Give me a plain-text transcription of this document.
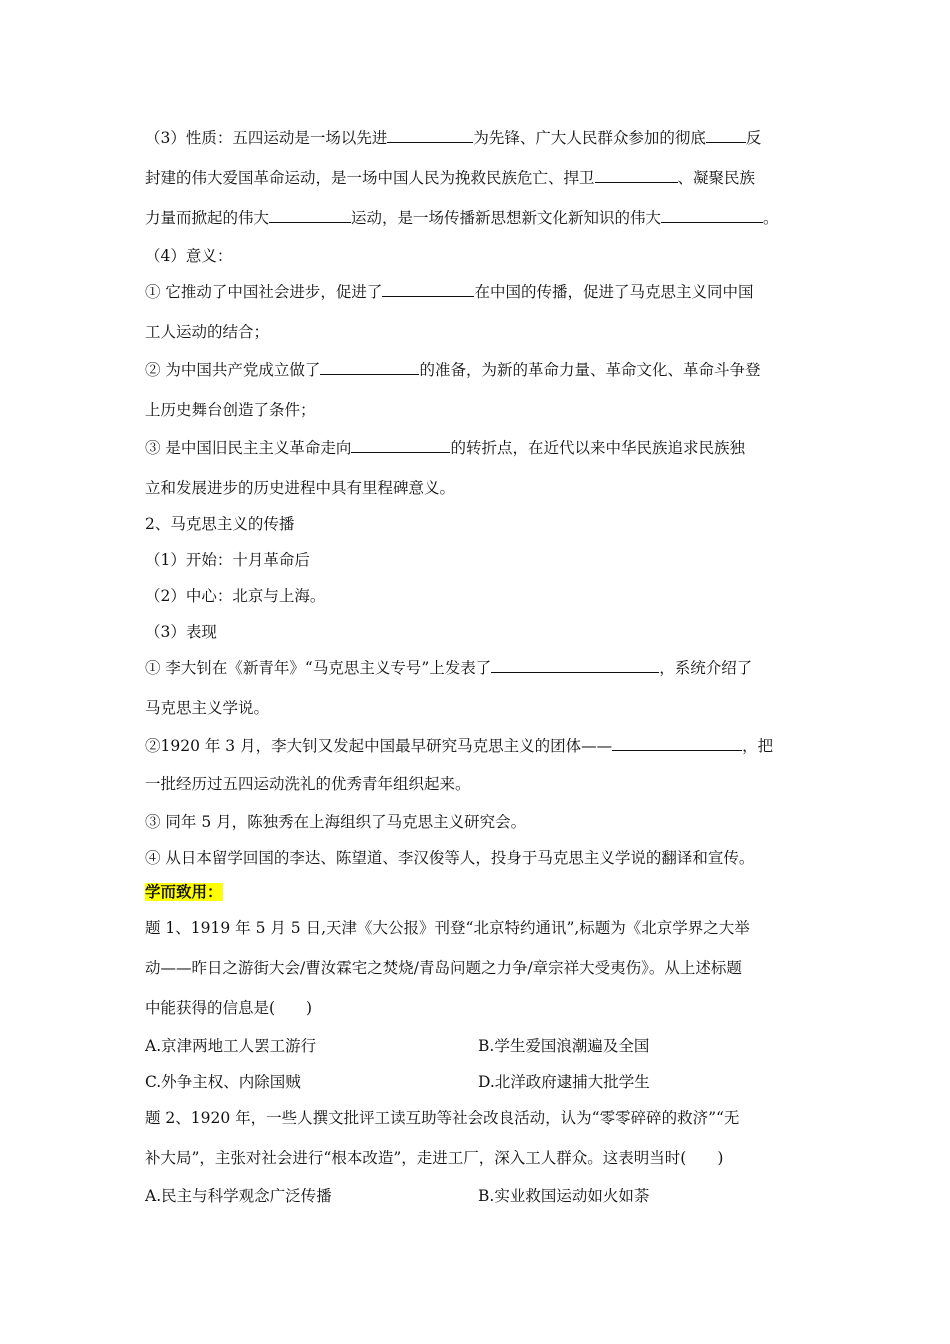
（3）性质：五四运动是一场以先进	为先锋、广大人民群众参加的彻底	反
封建的伟大爱国革命运动，是一场中国人民为挽救民族危亡、捍卫	、凝聚民族
力量而掀起的伟大	运动，是一场传播新思想新文化新知识的伟大	。
（4）意义：
① 它推动了中国社会进步，促进了	在中国的传播，促进了马克思主义同中国
工人运动的结合；
② 为中国共产党成立做了	的准备，为新的革命力量、革命文化、革命斗争登
上历史舞台创造了条件；
③ 是中国旧民主主义革命走向	的转折点，在近代以来中华民族追求民族独
立和发展进步的历史进程中具有里程碑意义。
2、马克思主义的传播
（1）开始：十月革命后
（2）中心：北京与上海。
（3）表现
① 李大钊在《新青年》“马克思主义专号”上发表了	，系统介绍了
马克思主义学说。
②1920 年 3 月，李大钊又发起中国最早研究马克思主义的团体——	，把
一批经历过五四运动洗礼的优秀青年组织起来。
③ 同年 5 月，陈独秀在上海组织了马克思主义研究会。
④ 从日本留学回国的李达、陈望道、李汉俊等人，投身于马克思主义学说的翻译和宣传。
学而致用：
题 1、1919 年 5 月 5 日,天津《大公报》刊登“北京特约通讯”,标题为《北京学界之大举
动——昨日之游街大会/曹汝霖宅之焚烧/青岛问题之力争/章宗祥大受夷伤》。从上述标题
中能获得的信息是(　　)
A.京津两地工人罢工游行	B.学生爱国浪潮遍及全国
C.外争主权、内除国贼	D.北洋政府逮捕大批学生
题 2、1920 年，一些人撰文批评工读互助等社会改良活动，认为“零零碎碎的救济”“无
补大局”，主张对社会进行“根本改造”，走进工厂，深入工人群众。这表明当时(　　)
A.民主与科学观念广泛传播	B.实业救国运动如火如荼
